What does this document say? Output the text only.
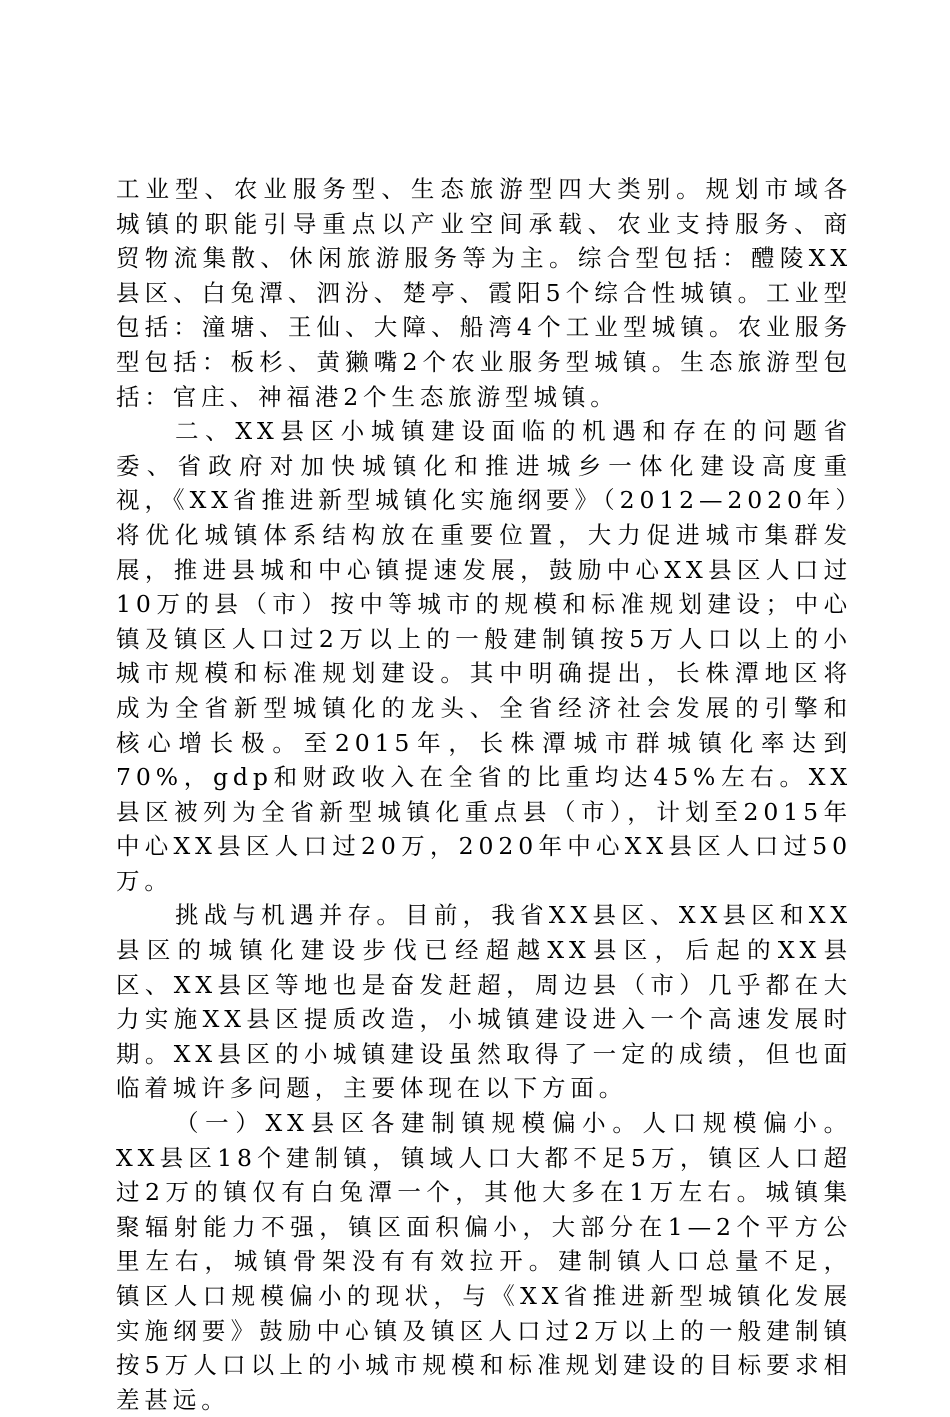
工业型、农业服务型、生态旅游型四大类别。规划市域各城镇的职能引导重点以产业空间承载、农业支持服务、商贸物流集散、休闲旅游服务等为主。综合型包括：醴陵XX县区、白兔潭、泗汾、楚亭、霞阳5个综合性城镇。工业型包括：潼塘、王仙、大障、船湾4个工业型城镇。农业服务型包括：板杉、黄獭嘴2个农业服务型城镇。生态旅游型包括：官庄、神福港2个生态旅游型城镇。

二、XX县区小城镇建设面临的机遇和存在的问题省委、省政府对加快城镇化和推进城乡一体化建设高度重视，《XX省推进新型城镇化实施纲要》（2012—2020年）将优化城镇体系结构放在重要位置，大力促进城市集群发展，推进县城和中心镇提速发展，鼓励中心XX县区人口过10万的县（市）按中等城市的规模和标准规划建设；中心镇及镇区人口过2万以上的一般建制镇按5万人口以上的小城市规模和标准规划建设。其中明确提出，长株潭地区将成为全省新型城镇化的龙头、全省经济社会发展的引擎和核心增长极。至2015年，长株潭城市群城镇化率达到70%，gdp和财政收入在全省的比重均达45%左右。XX县区被列为全省新型城镇化重点县（市），计划至2015年中心XX县区人口过20万，2020年中心XX县区人口过50万。

挑战与机遇并存。目前，我省XX县区、XX县区和XX县区的城镇化建设步伐已经超越XX县区，后起的XX县区、XX县区等地也是奋发赶超，周边县（市）几乎都在大力实施XX县区提质改造，小城镇建设进入一个高速发展时期。XX县区的小城镇建设虽然取得了一定的成绩，但也面临着城许多问题，主要体现在以下方面。

（一）XX县区各建制镇规模偏小。人口规模偏小。XX县区18个建制镇，镇域人口大都不足5万，镇区人口超过2万的镇仅有白兔潭一个，其他大多在1万左右。城镇集聚辐射能力不强，镇区面积偏小，大部分在1—2个平方公里左右，城镇骨架没有有效拉开。建制镇人口总量不足，镇区人口规模偏小的现状，与《XX省推进新型城镇化发展实施纲要》鼓励中心镇及镇区人口过2万以上的一般建制镇按5万人口以上的小城市规模和标准规划建设的目标要求相差甚远。
